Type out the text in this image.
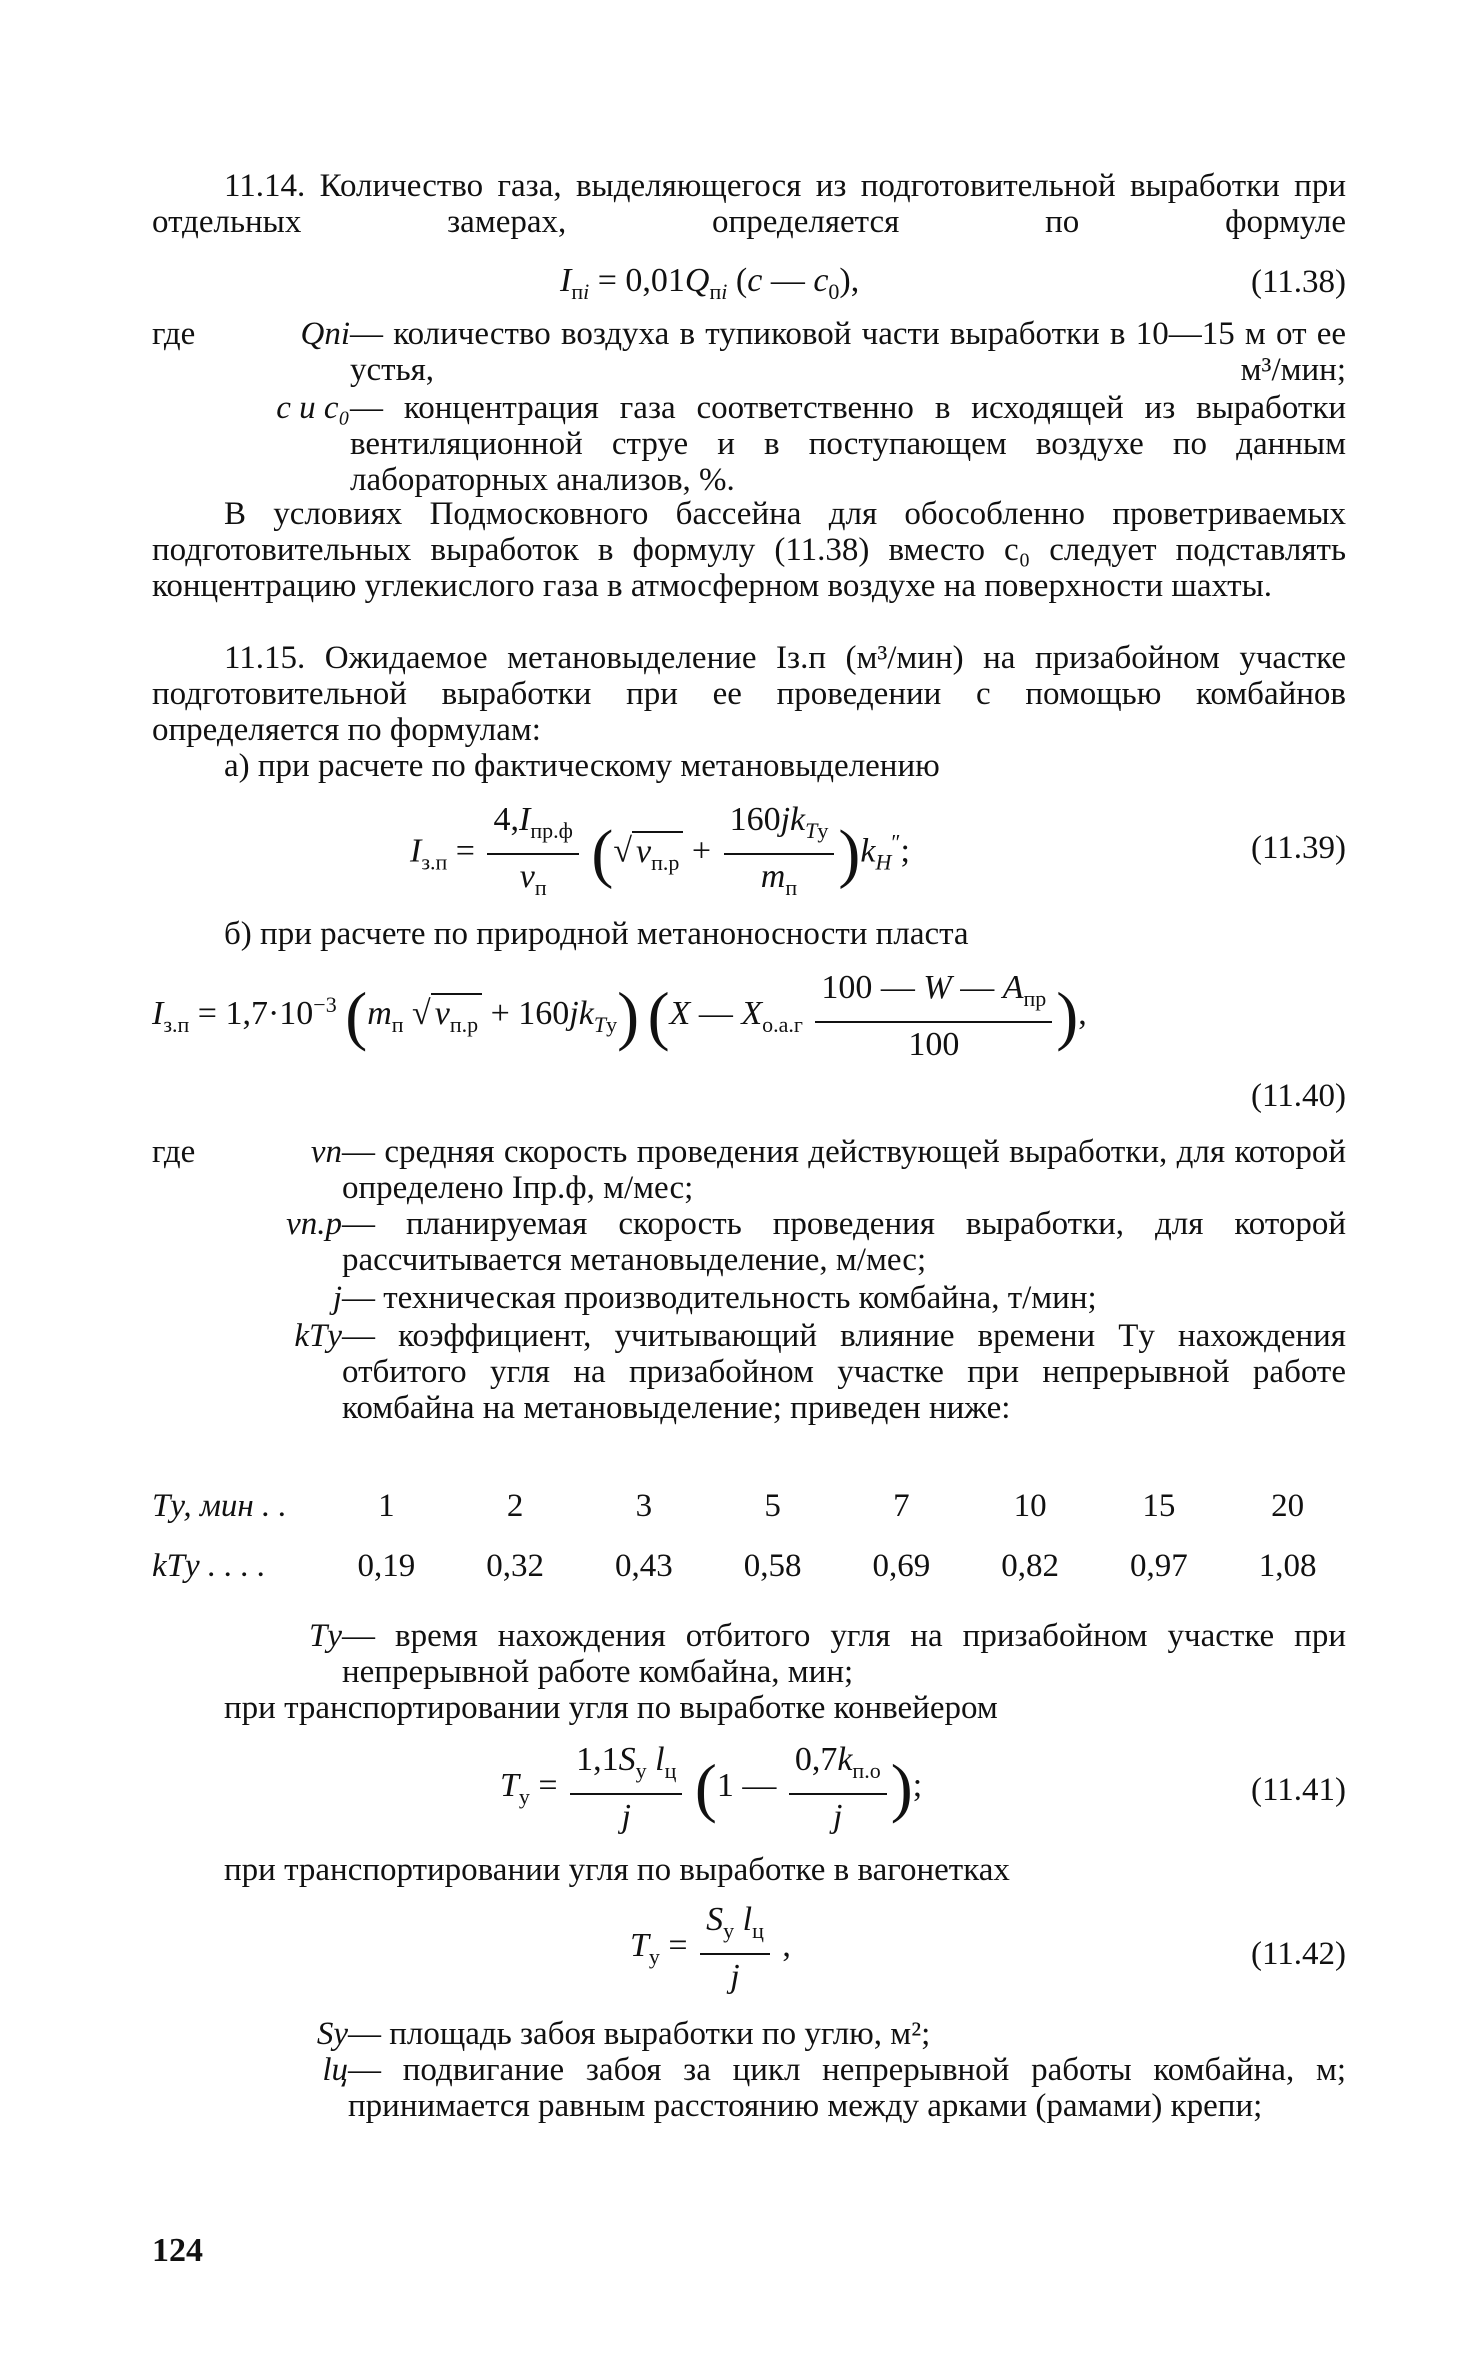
11.14. Количество газа, выделяющегося из подготовительной выработки при отдельных замерах, определяется по формуле

$I_{пi} = 0,01Q_{пi}$ (с — $с_0$),	(11.38)
где	Qпi — количество воздуха в тупиковой части выработки в 10—15 м от ее устья, м³/мин;
с и с₀ — концентрация газа соответственно в исходящей из выработки вентиляционной струе и в поступающем воздухе по данным лабораторных анализов, %.

В условиях Подмосковного бассейна для обособленно проветриваемых подготовительных выработок в формулу (11.38) вместо с₀ следует подставлять концентрацию углекислого газа в атмосферном воздухе на поверхности шахты.

11.15. Ожидаемое метановыделение Iз.п (м³/мин) на призабойном участке подготовительной выработки при ее проведении с помощью комбайнов определяется по формулам:

а) при расчете по фактическому метановыделению

$I_{з.п} = \frac{4,I_{пр.ф}}{v_п}$ (√ $v_{п.р} + \frac{160jk_{Tу}}{m_п} )k_H''$;	(11.39)

б) при расчете по природной метаноносности пласта

$I_{з.п} = 1,7\cdot 10^{-3}$ ($m_п$ √ $v_{п.р} + 160jk_{Tу}$) (X — $X_{о.а.г} \frac{100 — W — A_{пр}}{100}$ ),
(11.40)
где	vп — средняя скорость проведения действующей выработки, для которой определено Iпр.ф, м/мес;
vп.р — планируемая скорость проведения выработки, для которой рассчитывается метановыделение, м/мес;
j — техническая производительность комбайна, т/мин;
kTу — коэффициент, учитывающий влияние времени Tу нахождения отбитого угля на призабойном участке при непрерывной работе комбайна на метановыделение; приведен ниже:
Tу, мин . .	1	2	3	5	7	10	15	20
kTу . . . .	0,19	0,32	0,43	0,58	0,69	0,82	0,97	1,08
Tу — время нахождения отбитого угля на призабойном участке при непрерывной работе комбайна, мин;

при транспортировании угля по выработке конвейером

$T_у = \frac{1,1S_у l_ц}{j} (1$ — $\frac{0,7k_{п.о}}{j}$ );	(11.41)

при транспортировании угля по выработке в вагонетках

$T_у = \frac{S_у l_ц}{j}$ ,	(11.42)
Sу — площадь забоя выработки по углю, м²;
lц — подвигание забоя за цикл непрерывной работы комбайна, м; принимается равным расстоянию между арками (рамами) крепи;
124
